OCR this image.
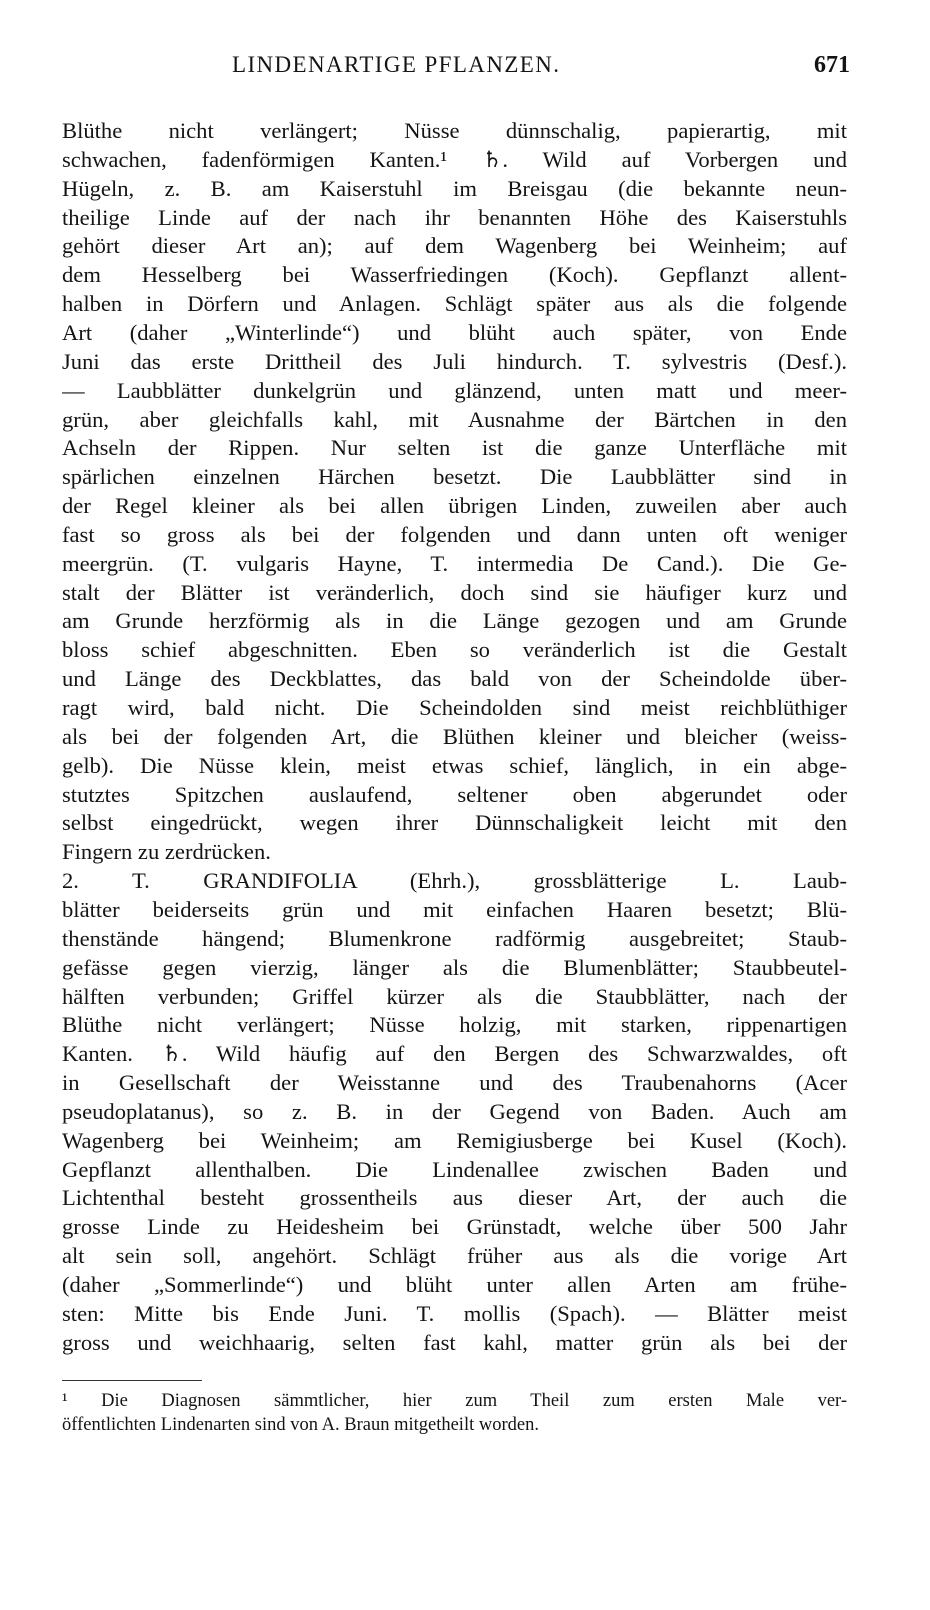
LINDENARTIGE PFLANZEN.	671
Blüthe nicht verlängert; Nüsse dünnschalig, papierartig, mit
schwachen, fadenförmigen Kanten.¹ ♄. Wild auf Vorbergen und
Hügeln, z. B. am Kaiserstuhl im Breisgau (die bekannte neun-
theilige Linde auf der nach ihr benannten Höhe des Kaiserstuhls
gehört dieser Art an); auf dem Wagenberg bei Weinheim; auf
dem Hesselberg bei Wasserfriedingen (Koch). Gepflanzt allent-
halben in Dörfern und Anlagen. Schlägt später aus als die folgende
Art (daher „Winterlinde“) und blüht auch später, von Ende
Juni das erste Drittheil des Juli hindurch. T. sylvestris (Desf.).
— Laubblätter dunkelgrün und glänzend, unten matt und meer-
grün, aber gleichfalls kahl, mit Ausnahme der Bärtchen in den
Achseln der Rippen. Nur selten ist die ganze Unterfläche mit
spärlichen einzelnen Härchen besetzt. Die Laubblätter sind in
der Regel kleiner als bei allen übrigen Linden, zuweilen aber auch
fast so gross als bei der folgenden und dann unten oft weniger
meergrün. (T. vulgaris Hayne, T. intermedia De Cand.). Die Ge-
stalt der Blätter ist veränderlich, doch sind sie häufiger kurz und
am Grunde herzförmig als in die Länge gezogen und am Grunde
bloss schief abgeschnitten. Eben so veränderlich ist die Gestalt
und Länge des Deckblattes, das bald von der Scheindolde über-
ragt wird, bald nicht. Die Scheindolden sind meist reichblüthiger
als bei der folgenden Art, die Blüthen kleiner und bleicher (weiss-
gelb). Die Nüsse klein, meist etwas schief, länglich, in ein abge-
stutztes Spitzchen auslaufend, seltener oben abgerundet oder
selbst eingedrückt, wegen ihrer Dünnschaligkeit leicht mit den
Fingern zu zerdrücken.
2. T. GRANDIFOLIA (Ehrh.), grossblätterige L. Laub-
blätter beiderseits grün und mit einfachen Haaren besetzt; Blü-
thenstände hängend; Blumenkrone radförmig ausgebreitet; Staub-
gefässe gegen vierzig, länger als die Blumenblätter; Staubbeutel-
hälften verbunden; Griffel kürzer als die Staubblätter, nach der
Blüthe nicht verlängert; Nüsse holzig, mit starken, rippenartigen
Kanten. ♄. Wild häufig auf den Bergen des Schwarzwaldes, oft
in Gesellschaft der Weisstanne und des Traubenahorns (Acer
pseudoplatanus), so z. B. in der Gegend von Baden. Auch am
Wagenberg bei Weinheim; am Remigiusberge bei Kusel (Koch).
Gepflanzt allenthalben. Die Lindenallee zwischen Baden und
Lichtenthal besteht grossentheils aus dieser Art, der auch die
grosse Linde zu Heidesheim bei Grünstadt, welche über 500 Jahr
alt sein soll, angehört. Schlägt früher aus als die vorige Art
(daher „Sommerlinde“) und blüht unter allen Arten am frühe-
sten: Mitte bis Ende Juni. T. mollis (Spach). — Blätter meist
gross und weichhaarig, selten fast kahl, matter grün als bei der
¹ Die Diagnosen sämmtlicher, hier zum Theil zum ersten Male ver-
öffentlichten Lindenarten sind von A. Braun mitgetheilt worden.
